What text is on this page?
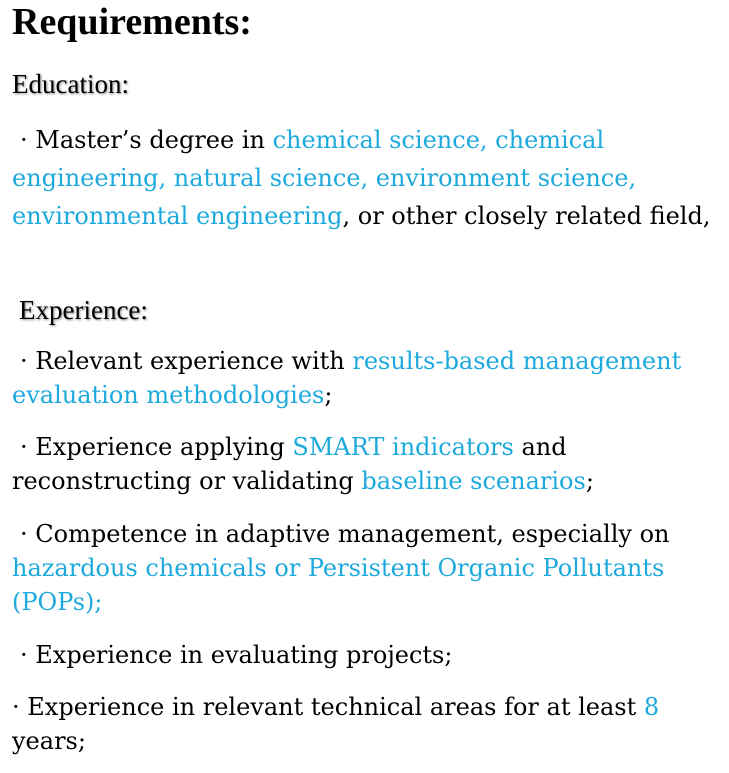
Requirements:
Education:
· Master’s degree in chemical science, chemical engineering, natural science, environment science, environmental engineering, or other closely related field,
Experience:
· Relevant experience with results-based management evaluation methodologies;
· Experience applying SMART indicators and reconstructing or validating baseline scenarios;
· Competence in adaptive management, especially on hazardous chemicals or Persistent Organic Pollutants (POPs);
· Experience in evaluating projects;
· Experience in relevant technical areas for at least 8 years;
